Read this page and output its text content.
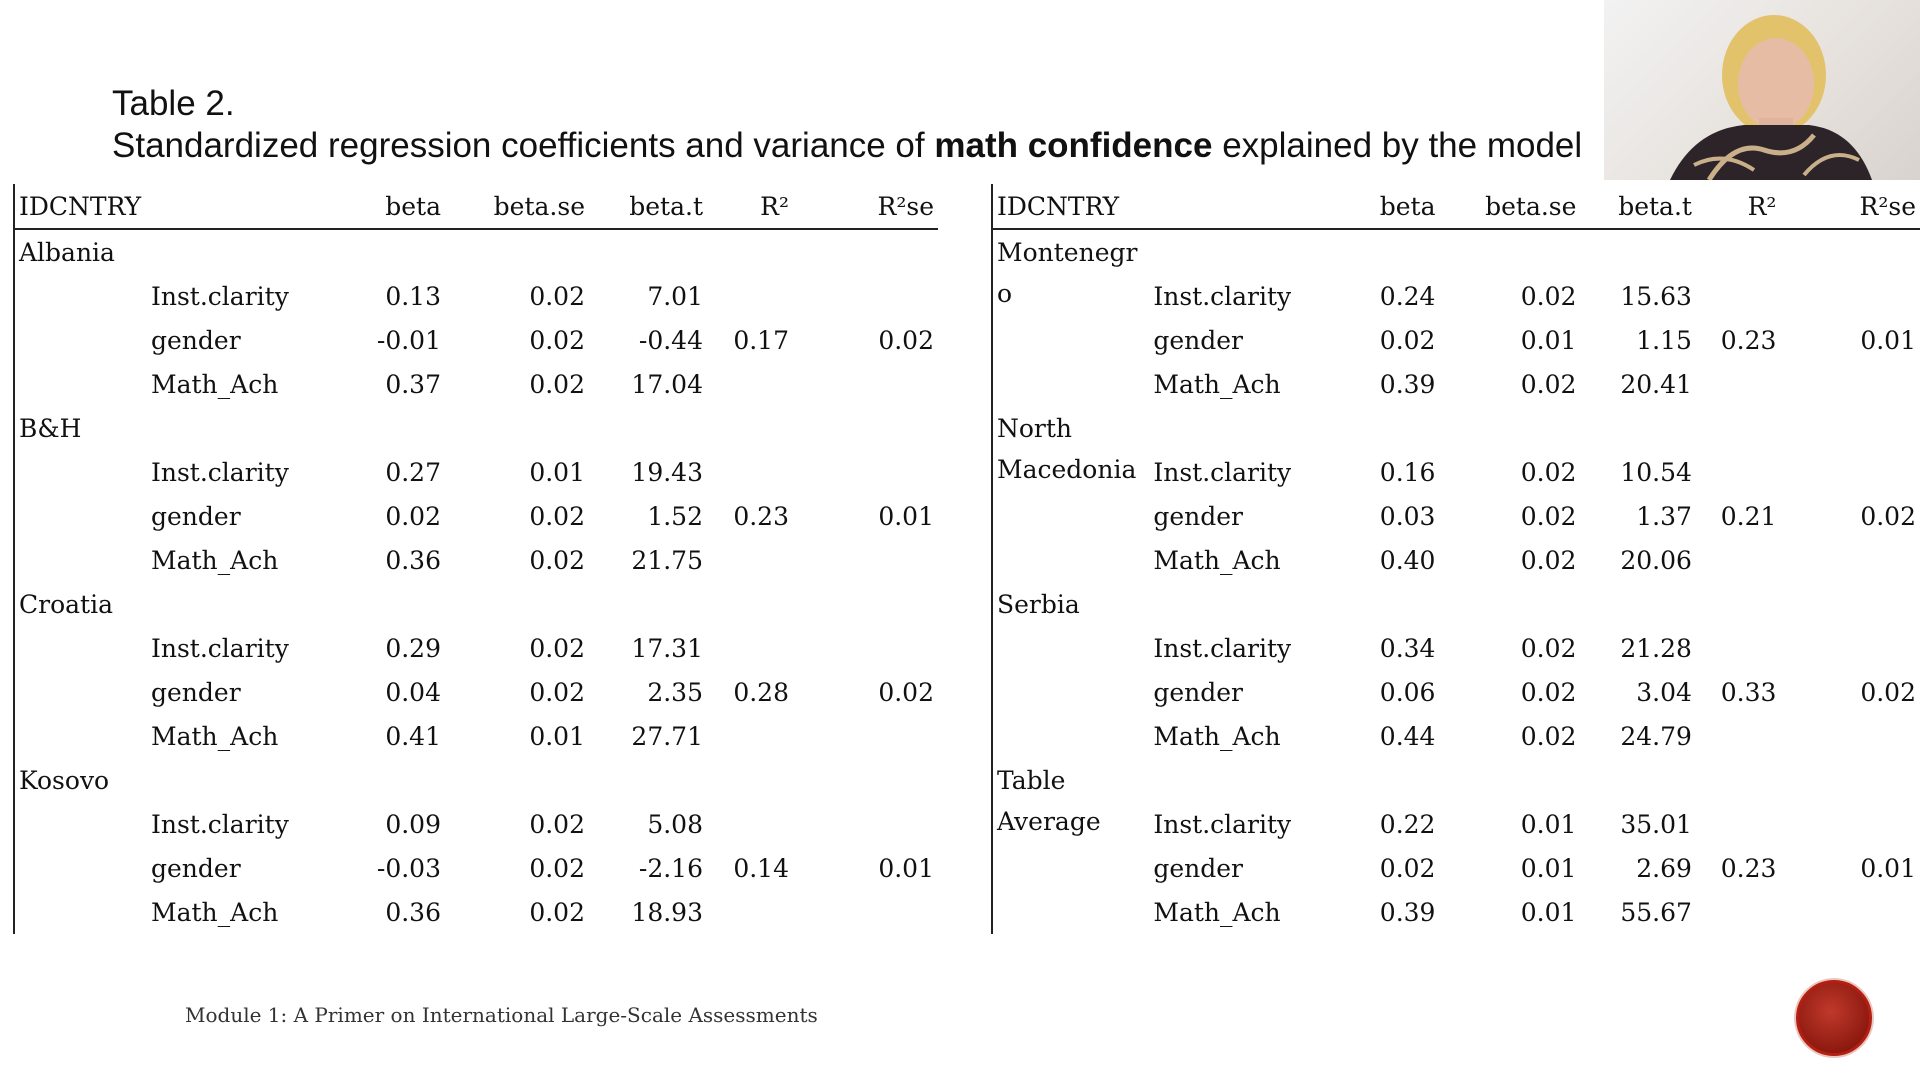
Table 2.
Standardized regression coefficients and variance of math confidence explained by the model
IDCNTRY		beta	beta.se	beta.t	R²	R²se
Albania						
	Inst.clarity	0.13	0.02	7.01		
	gender	-0.01	0.02	-0.44	0.17	0.02
	Math_Ach	0.37	0.02	17.04		
B&H						
	Inst.clarity	0.27	0.01	19.43		
	gender	0.02	0.02	1.52	0.23	0.01
	Math_Ach	0.36	0.02	21.75		
Croatia						
	Inst.clarity	0.29	0.02	17.31		
	gender	0.04	0.02	2.35	0.28	0.02
	Math_Ach	0.41	0.01	27.71		
Kosovo						
	Inst.clarity	0.09	0.02	5.08		
	gender	-0.03	0.02	-2.16	0.14	0.01
	Math_Ach	0.36	0.02	18.93		
IDCNTRY		beta	beta.se	beta.t	R²	R²se
Montenegr						
o	Inst.clarity	0.24	0.02	15.63		
	gender	0.02	0.01	1.15	0.23	0.01
	Math_Ach	0.39	0.02	20.41		
North						
Macedonia	Inst.clarity	0.16	0.02	10.54		
	gender	0.03	0.02	1.37	0.21	0.02
	Math_Ach	0.40	0.02	20.06		
Serbia						
	Inst.clarity	0.34	0.02	21.28		
	gender	0.06	0.02	3.04	0.33	0.02
	Math_Ach	0.44	0.02	24.79		
Table						
Average	Inst.clarity	0.22	0.01	35.01		
	gender	0.02	0.01	2.69	0.23	0.01
	Math_Ach	0.39	0.01	55.67		
Module 1: A Primer on International Large-Scale Assessments
